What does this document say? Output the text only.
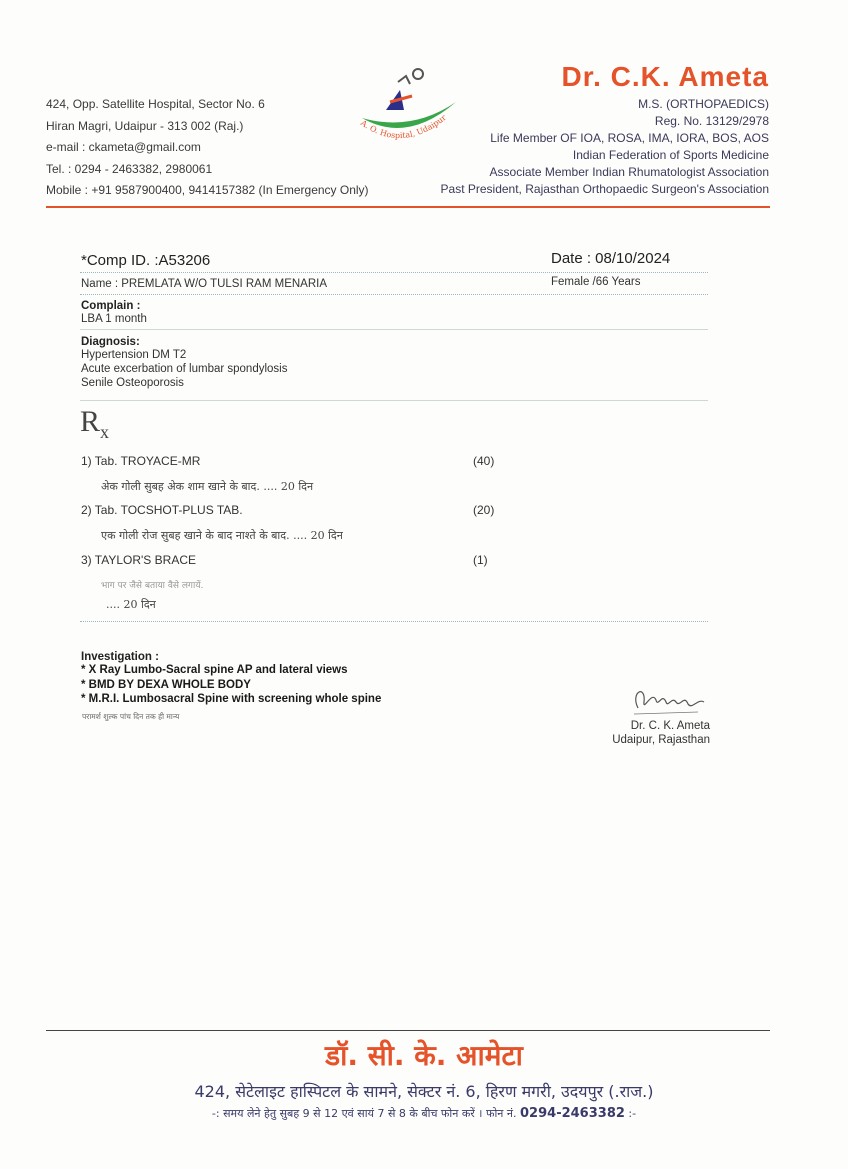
424, Opp. Satellite Hospital, Sector No. 6
Hiran Magri, Udaipur - 313 002 (Raj.)
e-mail : ckameta@gmail.com
Tel. : 0294 - 2463382, 2980061
Mobile : +91 9587900400, 9414157382 (In Emergency Only)
A. O. Hospital, Udaipur
Dr. C.K. Ameta
M.S. (ORTHOPAEDICS)
Reg. No. 13129/2978
Life Member OF IOA, ROSA, IMA, IORA, BOS, AOS
Indian Federation of Sports Medicine
Associate Member Indian Rhumatologist Association
Past President, Rajasthan Orthopaedic Surgeon's Association
*Comp ID. :A53206	Date : 08/10/2024
Name : PREMLATA W/O TULSI RAM MENARIA	Female /66 Years
Complain :
LBA 1 month
Diagnosis:
Hypertension DM T2
Acute excerbation of lumbar spondylosis
Senile Osteoporosis
$R_x$
1) Tab. TROYACE-MR	(40)
अेक गोली सुबह अेक शाम खाने के बाद. .... 20 दिन
2) Tab. TOCSHOT-PLUS TAB.	(20)
एक गोली रोज सुबह खाने के बाद नाश्ते के बाद. .... 20 दिन
3) TAYLOR'S BRACE	(1)
भाग पर जैसे बताया वैसे लगायें.
.... 20 दिन
Investigation :
* X Ray Lumbo-Sacral spine AP and lateral views
* BMD BY DEXA WHOLE BODY
* M.R.I. Lumbosacral Spine with screening whole spine
परामर्श शुल्क पांच दिन तक ही मान्य
Dr. C. K. Ameta
Udaipur, Rajasthan
डॉ. सी. के. आमेटा
424, सेटेलाइट हास्पिटल के सामने, सेक्टर नं. 6, हिरण मगरी, उदयपुर (.राज.)
-: समय लेने हेतु सुबह 9 से 12 एवं सायं 7 से 8 के बीच फोन करें । फोन नं. 0294-2463382 :-
